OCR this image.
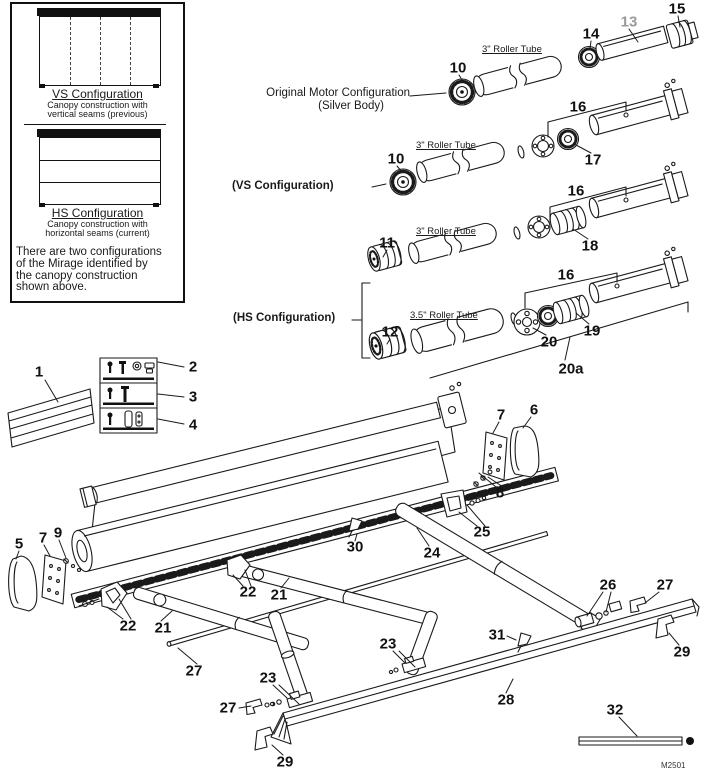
VS Configuration
Canopy construction with
vertical seams (previous)
HS Configuration
Canopy construction with
horizontal seams (current)
There are two configurations
of the Mirage identified by
the canopy construction
shown above.
Original Motor Configuration
(Silver Body)
(VS Configuration)
(HS Configuration)
3" Roller Tube
3" Roller Tube
3" Roller Tube
3.5" Roller Tube
M2501
10
14
13
15
10
16
17
11
16
18
12
16
20
19
20a
1	2
3
4
5 7 9
7 6
8
30	24
25
22 21
22 21
27	23
27
29
23
31
26	27
29
28
32
